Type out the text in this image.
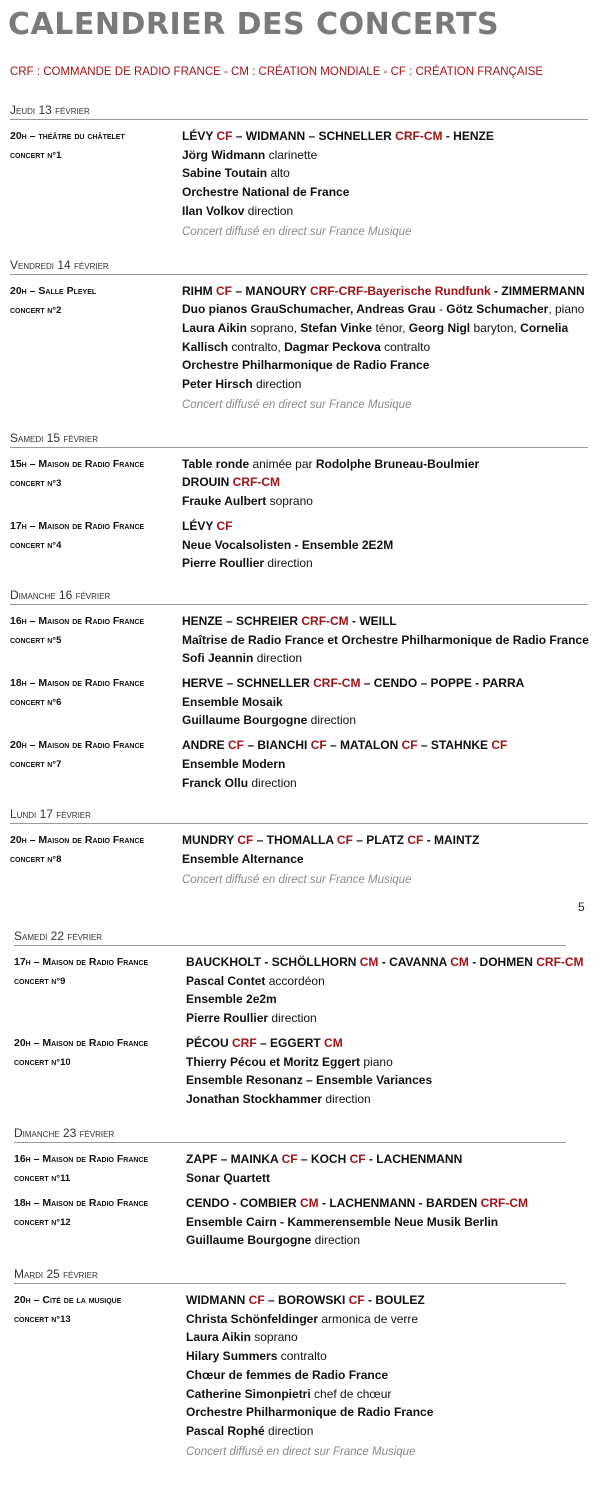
CALENDRIER DES CONCERTS
CRF : COMMANDE DE RADIO FRANCE - CM : CRÉATION MONDIALE - CF : CRÉATION FRANÇAISE
Jeudi 13 février
20h – théâtre du châtelet
concert n°1
LÉVY CF – WIDMANN – SCHNELLER CRF-CM - HENZE
Jörg Widmann clarinette
Sabine Toutain alto
Orchestre National de France
Ilan Volkov direction
Concert diffusé en direct sur France Musique
Vendredi 14 février
20h – Salle Pleyel
concert n°2
RIHM CF – MANOURY CRF-CRF-Bayerische Rundfunk - ZIMMERMANN
Duo pianos GrauSchumacher, Andreas Grau - Götz Schumacher, piano
Laura Aikin soprano, Stefan Vinke ténor, Georg Nigl baryton, Cornelia
Kallisch contralto, Dagmar Peckova contralto
Orchestre Philharmonique de Radio France
Peter Hirsch direction
Concert diffusé en direct sur France Musique
Samedi 15 février
15h – Maison de Radio France
concert n°3
Table ronde animée par Rodolphe Bruneau-Boulmier
DROUIN CRF-CM
Frauke Aulbert soprano
17h – Maison de Radio France
concert n°4
LÉVY CF
Neue Vocalsolisten - Ensemble 2E2M
Pierre Roullier direction
Dimanche 16 février
16h – Maison de Radio France
concert n°5
HENZE – SCHREIER CRF-CM - WEILL
Maîtrise de Radio France et Orchestre Philharmonique de Radio France
Sofi Jeannin direction
18h – Maison de Radio France
concert n°6
HERVE – SCHNELLER CRF-CM – CENDO – POPPE - PARRA
Ensemble Mosaik
Guillaume Bourgogne direction
20h – Maison de Radio France
concert n°7
ANDRE CF – BIANCHI CF – MATALON CF – STAHNKE CF
Ensemble Modern
Franck Ollu direction
Lundi 17 février
20h – Maison de Radio France
concert n°8
MUNDRY CF – THOMALLA CF – PLATZ CF - MAINTZ
Ensemble Alternance
Concert diffusé en direct sur France Musique
Samedi 22 février
17h – Maison de Radio France
concert n°9
BAUCKHOLT - SCHÖLLHORN CM - CAVANNA CM - DOHMEN CRF-CM
Pascal Contet accordéon
Ensemble 2e2m
Pierre Roullier direction
20h – Maison de Radio France
concert n°10
PÉCOU CRF – EGGERT CM
Thierry Pécou et Moritz Eggert piano
Ensemble Resonanz – Ensemble Variances
Jonathan Stockhammer direction
Dimanche 23 février
16h – Maison de Radio France
concert n°11
ZAPF – MAINKA CF – KOCH CF - LACHENMANN
Sonar Quartett
18h – Maison de Radio France
concert n°12
CENDO - COMBIER CM - LACHENMANN - BARDEN CRF-CM
Ensemble Cairn - Kammerensemble Neue Musik Berlin
Guillaume Bourgogne direction
Mardi 25 février
20h – Cité de la musique
concert n°13
WIDMANN CF – BOROWSKI CF - BOULEZ
Christa Schönfeldinger armonica de verre
Laura Aikin soprano
Hilary Summers contralto
Chœur de femmes de Radio France
Catherine Simonpietri chef de chœur
Orchestre Philharmonique de Radio France
Pascal Rophé direction
Concert diffusé en direct sur France Musique
5
